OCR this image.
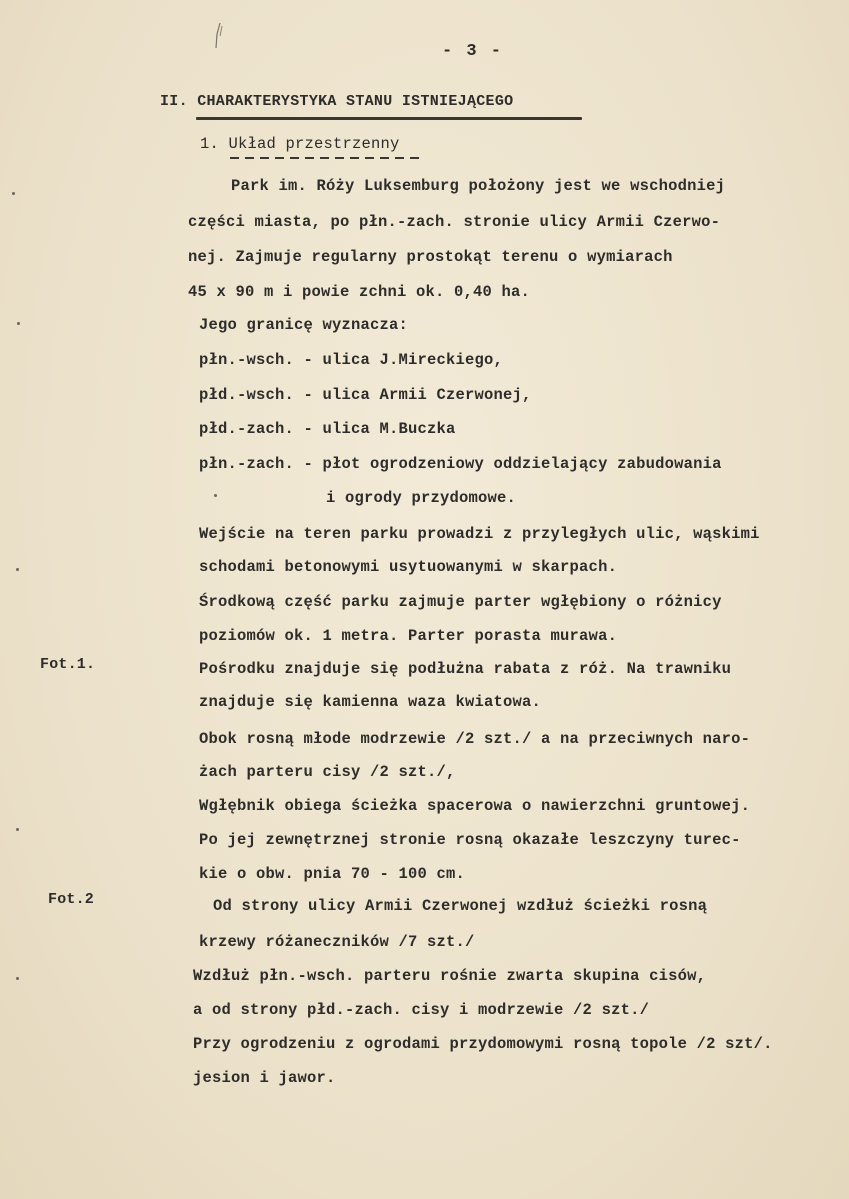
- 3 -
II. CHARAKTERYSTYKA STANU ISTNIEJĄCEGO
1. Układ przestrzenny
Fot.1.
Fot.2
Park im. Róży Luksemburg położony jest we wschodniej
części miasta, po płn.-zach. stronie ulicy Armii Czerwo-
nej. Zajmuje regularny prostokąt terenu o wymiarach
45 x 90 m i powie zchni ok. 0,40 ha.
Jego granicę wyznacza:
płn.-wsch. - ulica J.Mireckiego,
płd.-wsch. - ulica Armii Czerwonej,
płd.-zach. - ulica M.Buczka
płn.-zach. - płot ogrodzeniowy oddzielający zabudowania
i ogrody przydomowe.
Wejście na teren parku prowadzi z przyległych ulic, wąskimi
schodami betonowymi usytuowanymi w skarpach.
Środkową część parku zajmuje parter wgłębiony o różnicy
poziomów ok. 1 metra. Parter porasta murawa.
Pośrodku znajduje się podłużna rabata z róż. Na trawniku
znajduje się kamienna waza kwiatowa.
Obok rosną młode modrzewie /2 szt./ a na przeciwnych naro-
żach parteru cisy /2 szt./,
Wgłębnik obiega ścieżka spacerowa o nawierzchni gruntowej.
Po jej zewnętrznej stronie rosną okazałe leszczyny turec-
kie o obw. pnia 70 - 100 cm.
Od strony ulicy Armii Czerwonej wzdłuż ścieżki rosną
krzewy różaneczników /7 szt./
Wzdłuż płn.-wsch. parteru rośnie zwarta skupina cisów,
a od strony płd.-zach. cisy i modrzewie /2 szt./
Przy ogrodzeniu z ogrodami przydomowymi rosną topole /2 szt/.
jesion i jawor.
